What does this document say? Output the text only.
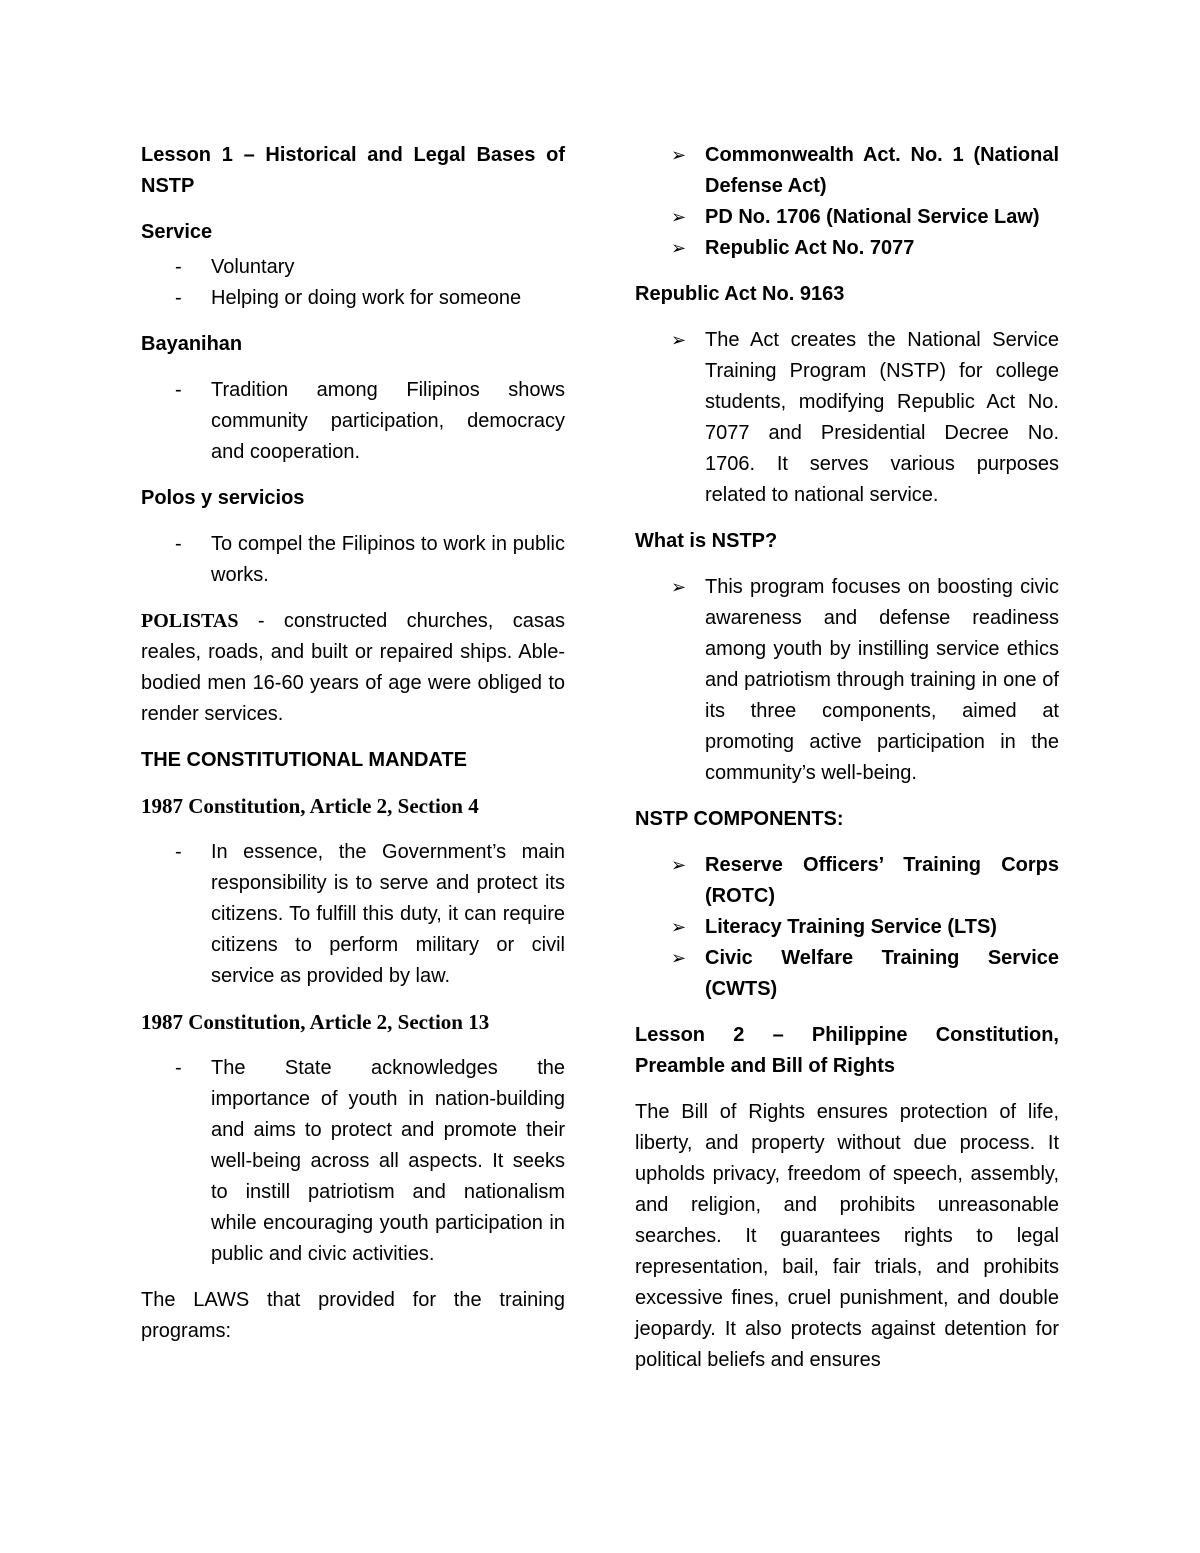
Lesson 1 – Historical and Legal Bases of NSTP
Service
- Voluntary
- Helping or doing work for someone
Bayanihan
- Tradition among Filipinos shows community participation, democracy and cooperation.
Polos y servicios
- To compel the Filipinos to work in public works.

POLISTAS - constructed churches, casas reales, roads, and built or repaired ships. Able-bodied men 16-60 years of age were obliged to render services.

THE CONSTITUTIONAL MANDATE
1987 Constitution, Article 2, Section 4
- In essence, the Government’s main responsibility is to serve and protect its citizens. To fulfill this duty, it can require citizens to perform military or civil service as provided by law.
1987 Constitution, Article 2, Section 13
- The State acknowledges the importance of youth in nation-building and aims to protect and promote their well-being across all aspects. It seeks to instill patriotism and nationalism while encouraging youth participation in public and civic activities.

The LAWS that provided for the training programs:

➢ Commonwealth Act. No. 1 (National Defense Act)
➢ PD No. 1706 (National Service Law)
➢ Republic Act No. 7077
Republic Act No. 9163
➢ The Act creates the National Service Training Program (NSTP) for college students, modifying Republic Act No. 7077 and Presidential Decree No. 1706. It serves various purposes related to national service.
What is NSTP?
➢ This program focuses on boosting civic awareness and defense readiness among youth by instilling service ethics and patriotism through training in one of its three components, aimed at promoting active participation in the community’s well-being.
NSTP COMPONENTS:
➢ Reserve Officers’ Training Corps (ROTC)
➢ Literacy Training Service (LTS)
➢ Civic Welfare Training Service (CWTS)
Lesson 2 – Philippine Constitution, Preamble and Bill of Rights

The Bill of Rights ensures protection of life, liberty, and property without due process. It upholds privacy, freedom of speech, assembly, and religion, and prohibits unreasonable searches. It guarantees rights to legal representation, bail, fair trials, and prohibits excessive fines, cruel punishment, and double jeopardy. It also protects against detention for political beliefs and ensures
